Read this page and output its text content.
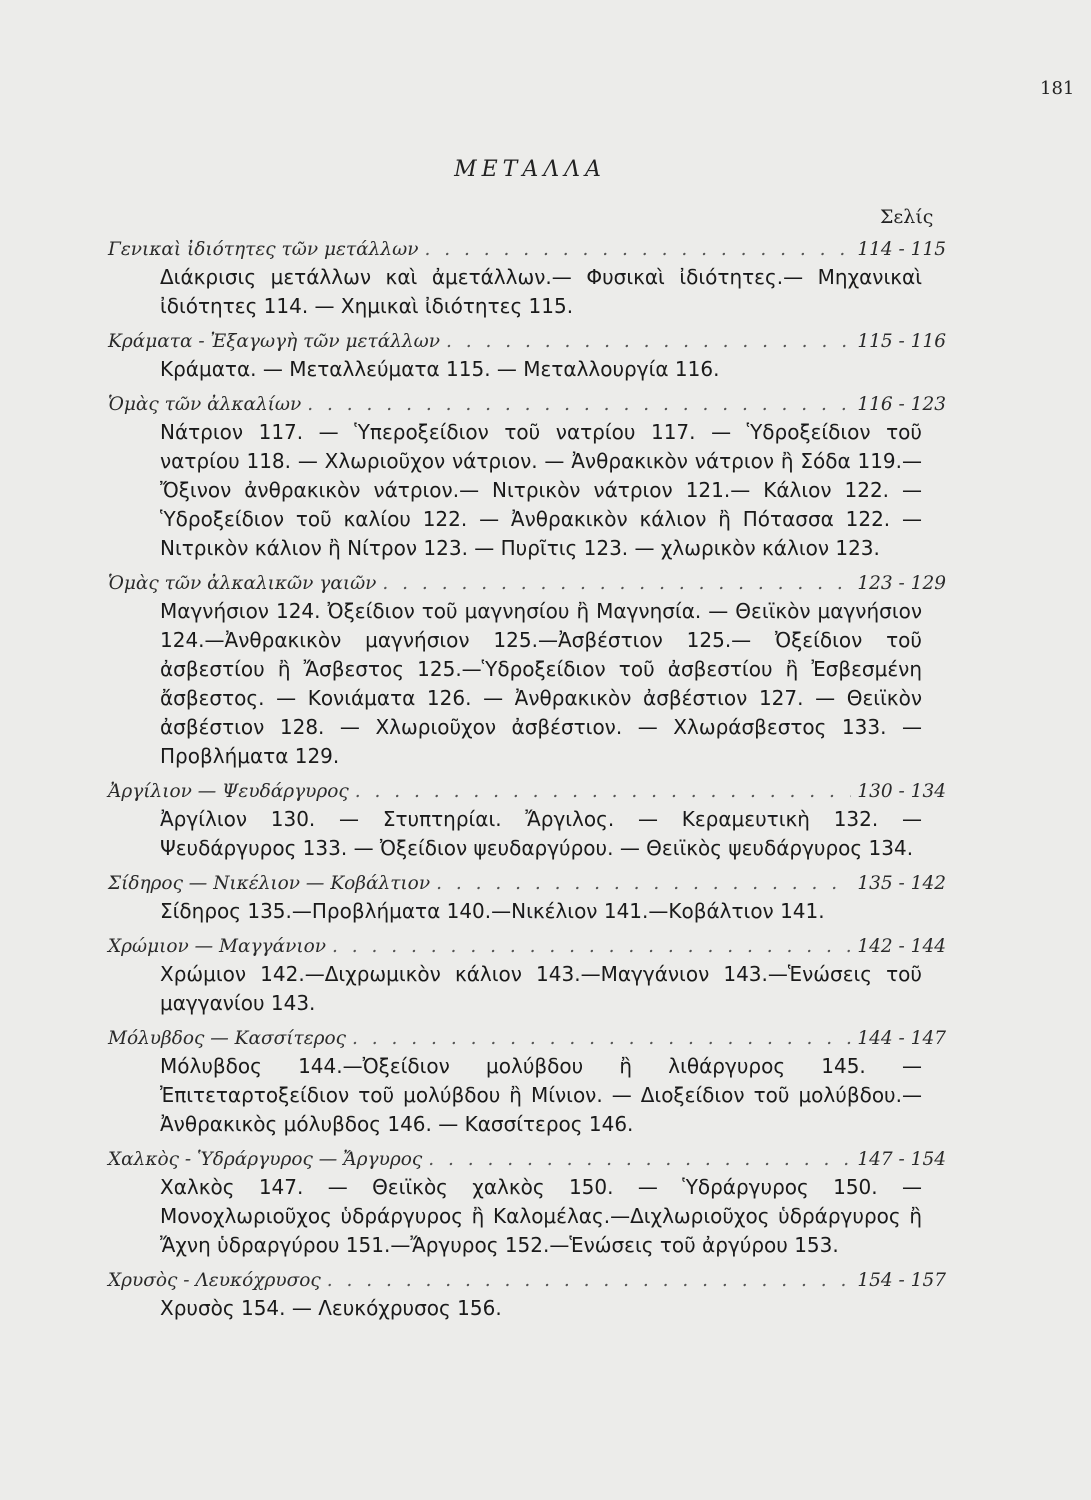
181
ΜΕΤΑΛΛΑ
Σελίς
Γενικαὶ ἰδιότητες τῶν μετάλλων . . .	114 - 115
Διάκρισις μετάλλων καὶ ἀμετάλλων.— Φυσικαὶ ἰδιότητες.— Μηχανικαὶ ἰδιότητες 114. — Χημικαὶ ἰδιότητες 115.
Κράματα - Ἐξαγωγὴ τῶν μετάλλων . . .	115 - 116
Κράματα. — Μεταλλεύματα 115. — Μεταλλουργία 116.
Ὁμὰς τῶν ἀλκαλίων . . .	116 - 123
Νάτριον 117. — Ὑπεροξείδιον τοῦ νατρίου 117. — Ὑδροξείδιον τοῦ νατρίου 118. — Χλωριοῦχον νάτριον. — Ἀνθρακικὸν νάτριον ἢ Σόδα 119.—Ὄξινον ἀνθρακικὸν νάτριον.— Νιτρικὸν νάτριον 121.— Κάλιον 122. — Ὑδροξείδιον τοῦ καλίου 122. — Ἀνθρακικὸν κάλιον ἢ Πότασσα 122. — Νιτρικὸν κάλιον ἢ Νίτρον 123. — Πυρῖτις 123. — χλωρικὸν κάλιον 123.
Ὁμὰς τῶν ἀλκαλικῶν γαιῶν . . .	123 - 129
Μαγνήσιον 124. Ὀξείδιον τοῦ μαγνησίου ἢ Μαγνησία. — Θειϊκὸν μαγνήσιον 124.—Ἀνθρακικὸν μαγνήσιον 125.—Ἀσβέστιον 125.— Ὀξείδιον τοῦ ἀσβεστίου ἢ Ἄσβεστος 125.—Ὑδροξείδιον τοῦ ἀσβεστίου ἢ Ἐσβεσμένη ἄσβεστος. — Κονιάματα 126. — Ἀνθρακικὸν ἀσβέστιον 127. — Θειϊκὸν ἀσβέστιον 128. — Χλωριοῦχον ἀσβέστιον. — Χλωράσβεστος 133. — Προβλήματα 129.
Ἀργίλιον — Ψευδάργυρος . . .	130 - 134
Ἀργίλιον 130. — Στυπτηρίαι. Ἄργιλος. — Κεραμευτικὴ 132. — Ψευδάργυρος 133. — Ὀξείδιον ψευδαργύρου. — Θειϊκὸς ψευδάργυρος 134.
Σίδηρος — Νικέλιον — Κοβάλτιον . . .	135 - 142
Σίδηρος 135.—Προβλήματα 140.—Νικέλιον 141.—Κοβάλτιον 141.
Χρώμιον — Μαγγάνιον . . .	142 - 144
Χρώμιον 142.—Διχρωμικὸν κάλιον 143.—Μαγγάνιον 143.—Ἑνώσεις τοῦ μαγγανίου 143.
Μόλυβδος — Κασσίτερος . . .	144 - 147
Μόλυβδος 144.—Ὀξείδιον μολύβδου ἢ λιθάργυρος 145. — Ἐπιτεταρτοξείδιον τοῦ μολύβδου ἢ Μίνιον. — Διοξείδιον τοῦ μολύβδου.— Ἀνθρακικὸς μόλυβδος 146. — Κασσίτερος 146.
Χαλκὸς - Ὑδράργυρος — Ἄργυρος . . .	147 - 154
Χαλκὸς 147. — Θειϊκὸς χαλκὸς 150. — Ὑδράργυρος 150. — Μονοχλωριοῦχος ὑδράργυρος ἢ Καλομέλας.—Διχλωριοῦχος ὑδράργυρος ἢ Ἄχνη ὑδραργύρου 151.—Ἄργυρος 152.—Ἑνώσεις τοῦ ἀργύρου 153.
Χρυσὸς - Λευκόχρυσος . . .	154 - 157
Χρυσὸς 154. — Λευκόχρυσος 156.
